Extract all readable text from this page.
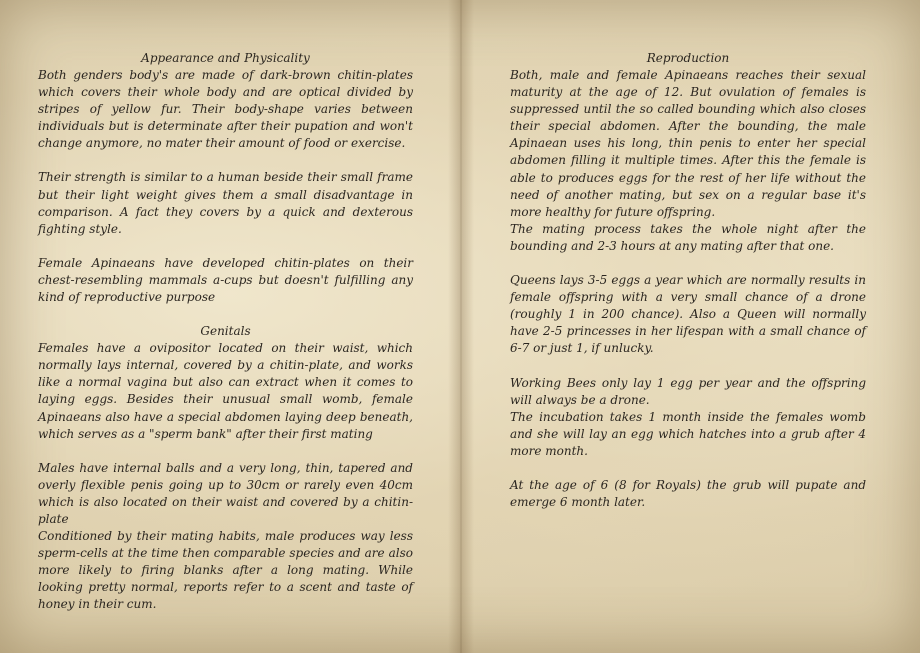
Appearance and Physicality

Both genders body's are made of dark-brown chitin-plates which covers their whole body and are optical divided by stripes of yellow fur. Their body-shape varies between individuals but is determinate after their pupation and won't change anymore, no mater their amount of food or exercise.

Their strength is similar to a human beside their small frame but their light weight gives them a small disadvantage in comparison. A fact they covers by a quick and dexterous fighting style.

Female Apinaeans have developed chitin-plates on their chest-resembling mammals a-cups but doesn't fulfilling any kind of reproductive purpose

Genitals

Females have a ovipositor located on their waist, which normally lays internal, covered by a chitin-plate, and works like a normal vagina but also can extract when it comes to laying eggs. Besides their unusual small womb, female Apinaeans also have a special abdomen laying deep beneath, which serves as a "sperm bank" after their first mating

Males have internal balls and a very long, thin, tapered and overly flexible penis going up to 30cm or rarely even 40cm which is also located on their waist and covered by a chitin-plate

Conditioned by their mating habits, male produces way less sperm-cells at the time then comparable species and are also more likely to firing blanks after a long mating. While looking pretty normal, reports refer to a scent and taste of honey in their cum.

Reproduction

Both, male and female Apinaeans reaches their sexual maturity at the age of 12. But ovulation of females is suppressed until the so called bounding which also closes their special abdomen. After the bounding, the male Apinaean uses his long, thin penis to enter her special abdomen filling it multiple times. After this the female is able to produces eggs for the rest of her life without the need of another mating, but sex on a regular base it's more healthy for future offspring.

The mating process takes the whole night after the bounding and 2-3 hours at any mating after that one.

Queens lays 3-5 eggs a year which are normally results in female offspring with a very small chance of a drone (roughly 1 in 200 chance). Also a Queen will normally have 2-5 princesses in her lifespan with a small chance of 6-7 or just 1, if unlucky.

Working Bees only lay 1 egg per year and the offspring will always be a drone.

The incubation takes 1 month inside the females womb and she will lay an egg which hatches into a grub after 4 more month.

At the age of 6 (8 for Royals) the grub will pupate and emerge 6 month later.
